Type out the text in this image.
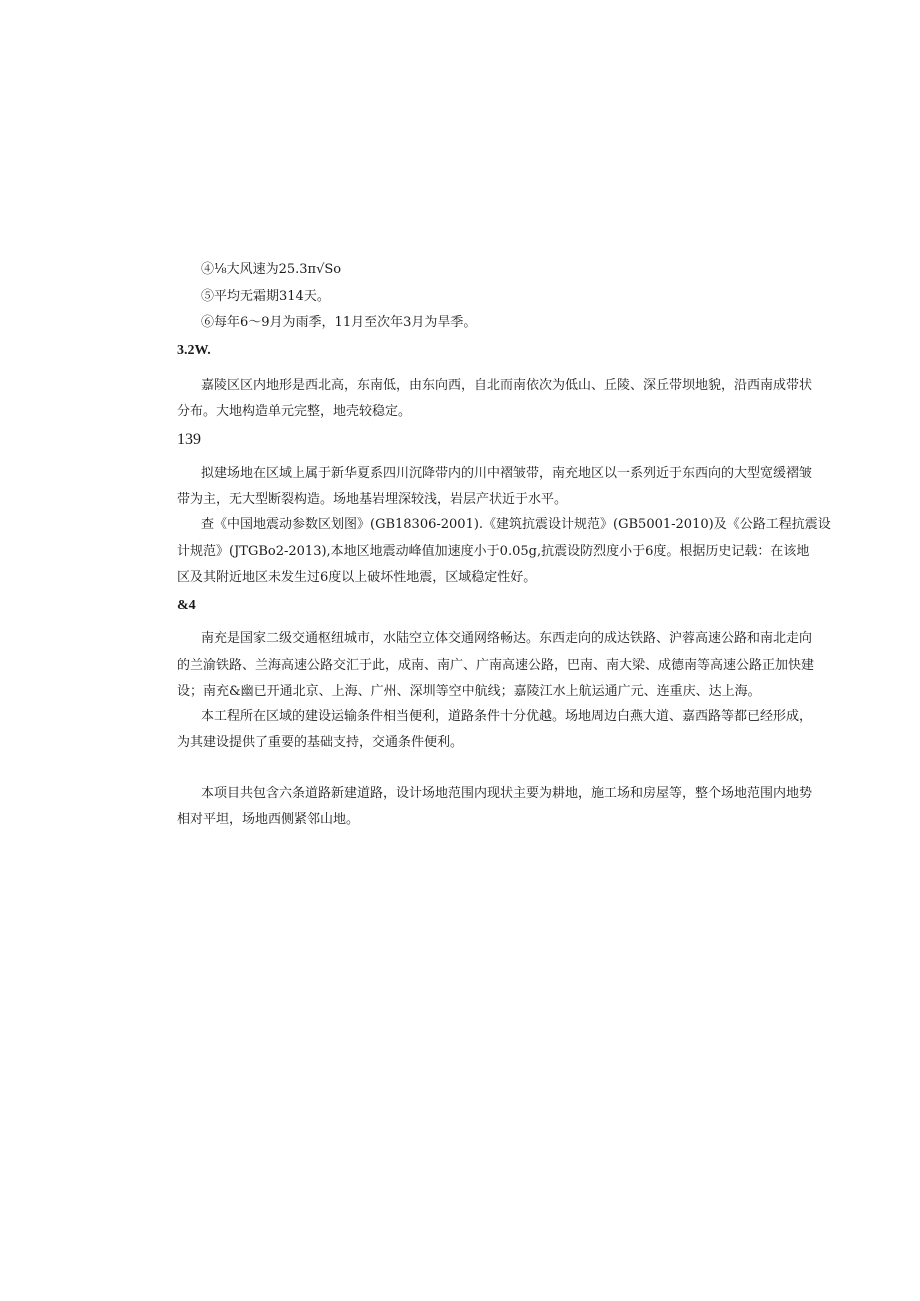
④⅛大风速为25.3π√So
⑤平均无霜期314天。
⑥每年6～9月为雨季，11月至次年3月为旱季。
3.2W.
嘉陵区区内地形是西北高，东南低，由东向西，自北而南依次为低山、丘陵、深丘带坝地貌，沿西南成带状
分布。大地构造单元完整，地壳较稳定。
139
拟建场地在区域上属于新华夏系四川沉降带内的川中褶皱带，南充地区以一系列近于东西向的大型宽缓褶皱
带为主，无大型断裂构造。场地基岩埋深较浅，岩层产状近于水平。
查《中国地震动参数区划图》(GB18306-2001).《建筑抗震设计规范》(GB5001-2010)及《公路工程抗震设
计规范》(JTGBo2-2013),本地区地震动峰值加速度小于0.05g,抗震设防烈度小于6度。根据历史记载：在该地
区及其附近地区未发生过6度以上破坏性地震，区域稳定性好。
&4
南充是国家二级交通枢纽城市，水陆空立体交通网络畅达。东西走向的成达铁路、沪蓉高速公路和南北走向
的兰渝铁路、兰海高速公路交汇于此，成南、南广、广南高速公路，巴南、南大梁、成德南等高速公路正加快建
设；南充&幽已开通北京、上海、广州、深圳等空中航线；嘉陵江水上航运通广元、连重庆、达上海。
本工程所在区域的建设运输条件相当便利，道路条件十分优越。场地周边白燕大道、嘉西路等都已经形成，
为其建设提供了重要的基础支持，交通条件便利。
本项目共包含六条道路新建道路，设计场地范围内现状主要为耕地，施工场和房屋等，整个场地范围内地势
相对平坦，场地西侧紧邻山地。
